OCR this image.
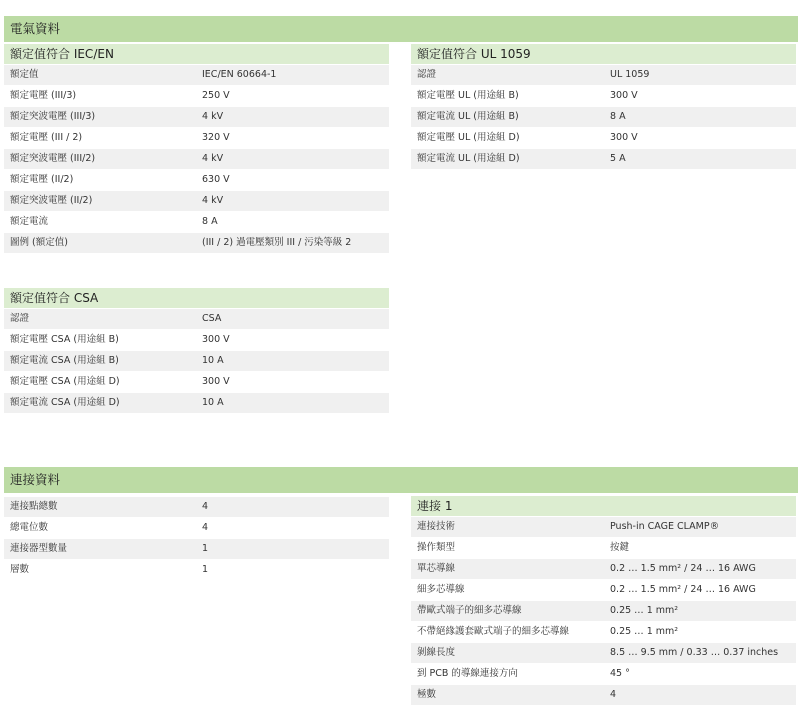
電氣資料
額定值符合 IEC/EN
額定值	IEC/EN 60664-1
額定電壓 (III/3)	250 V
額定突波電壓 (III/3)	4 kV
額定電壓 (III / 2)	320 V
額定突波電壓 (III/2)	4 kV
額定電壓 (II/2)	630 V
額定突波電壓 (II/2)	4 kV
額定電流	8 A
圖例 (額定值)	(III / 2) 過電壓類別 III / 污染等級 2
額定值符合 UL 1059
認證	UL 1059
額定電壓 UL (用途組 B)	300 V
額定電流 UL (用途組 B)	8 A
額定電壓 UL (用途組 D)	300 V
額定電流 UL (用途組 D)	5 A
額定值符合 CSA
認證	CSA
額定電壓 CSA (用途組 B)	300 V
額定電流 CSA (用途組 B)	10 A
額定電壓 CSA (用途組 D)	300 V
額定電流 CSA (用途組 D)	10 A
連接資料
連接點總數	4
總電位數	4
連接器型數量	1
層數	1
連接 1
連接技術	Push-in CAGE CLAMP®
操作類型	按鍵
單芯導線	0.2 … 1.5 mm² / 24 … 16 AWG
細多芯導線	0.2 … 1.5 mm² / 24 … 16 AWG
帶歐式端子的細多芯導線	0.25 … 1 mm²
不帶絕緣護套歐式端子的細多芯導線	0.25 … 1 mm²
剝線長度	8.5 … 9.5 mm / 0.33 … 0.37 inches
到 PCB 的導線連接方向	45 °
極數	4
